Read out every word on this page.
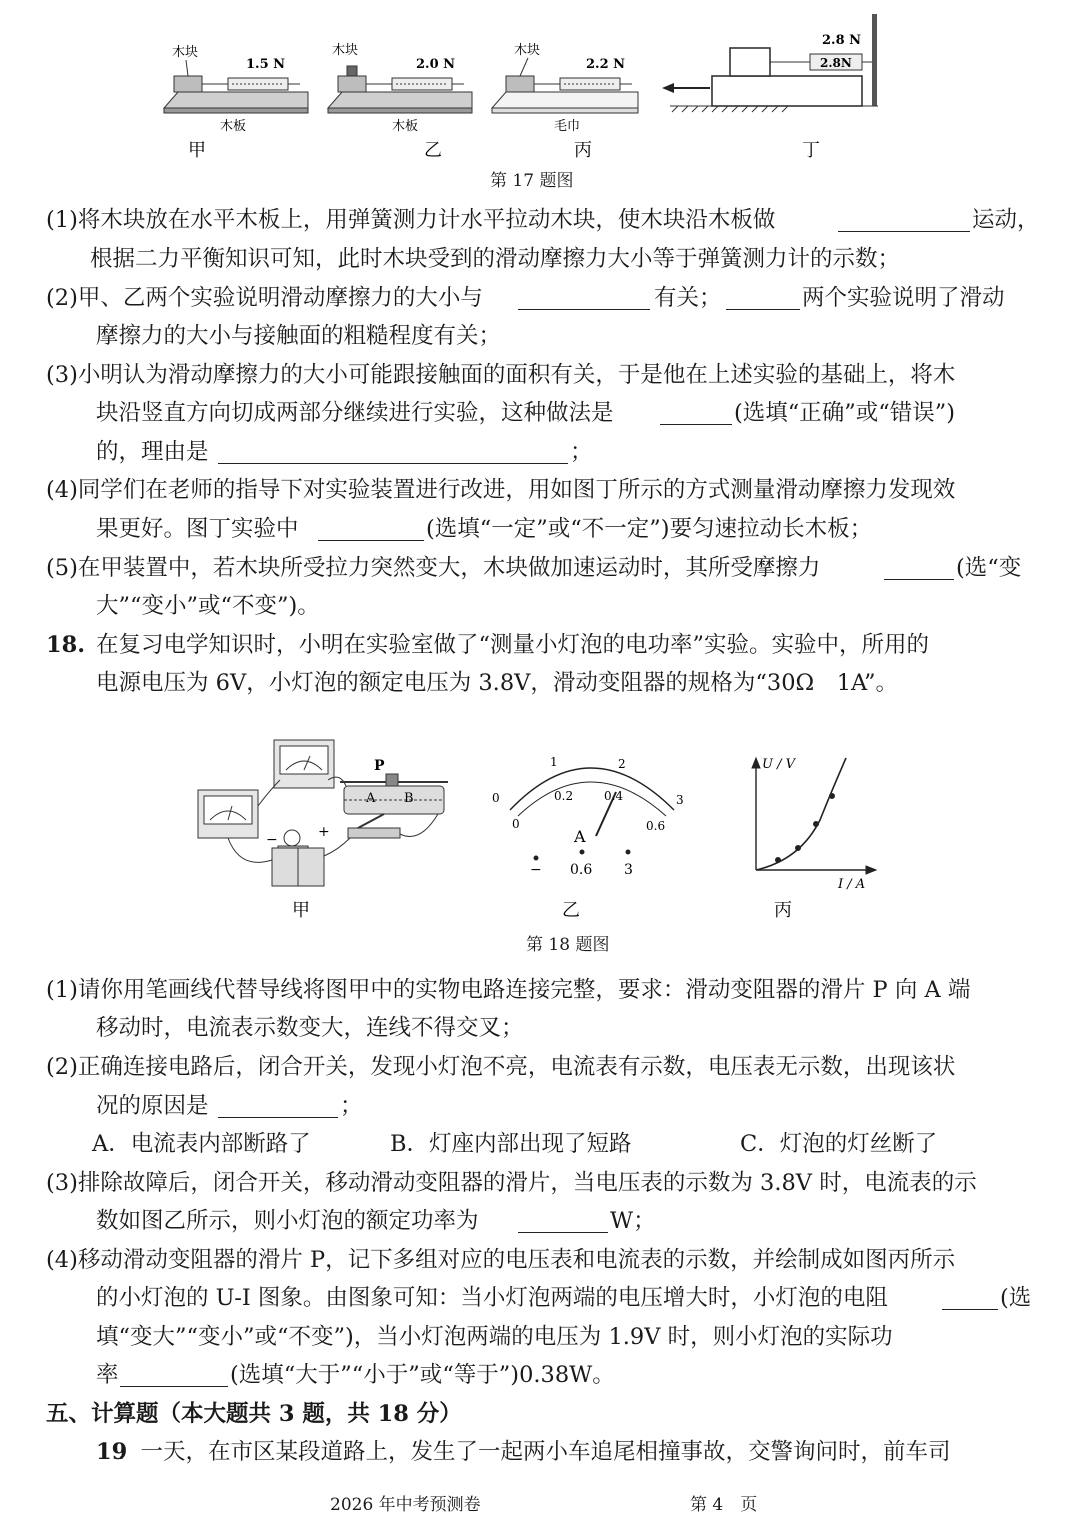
木块
1.5 N
木板
木块
2.0 N
木板
木块
2.2 N
毛巾
2.8 N
2.8N
甲	乙	丙	丁
第 17 题图
(1)将木块放在水平木板上，用弹簧测力计水平拉动木块，使木块沿木板做	运动，
根据二力平衡知识可知，此时木块受到的滑动摩擦力大小等于弹簧测力计的示数；
(2)甲、乙两个实验说明滑动摩擦力的大小与	有关；	两个实验说明了滑动
摩擦力的大小与接触面的粗糙程度有关；
(3)小明认为滑动摩擦力的大小可能跟接触面的面积有关，于是他在上述实验的基础上，将木
块沿竖直方向切成两部分继续进行实验，这种做法是	(选填“正确”或“错误”)
的，理由是	；
(4)同学们在老师的指导下对实验装置进行改进，用如图丁所示的方式测量滑动摩擦力发现效
果更好。图丁实验中	(选填“一定”或“不一定”)要匀速拉动长木板；
(5)在甲装置中，若木块所受拉力突然变大，木块做加速运动时，其所受摩擦力	(选“变
大”“变小”或“不变”)。
18. 在复习电学知识时，小明在实验室做了“测量小灯泡的电功率”实验。实验中，所用的
电源电压为 6V，小灯泡的额定电压为 3.8V，滑动变阻器的规格为“30Ω　1A”。
P
A B
−	+
0
1	2
3
0
0.2	0.4
0.6
A
− 0.6 3
U / V
I / A
甲	乙	丙
第 18 题图
(1)请你用笔画线代替导线将图甲中的实物电路连接完整，要求：滑动变阻器的滑片 P 向 A 端
移动时，电流表示数变大，连线不得交叉；
(2)正确连接电路后，闭合开关，发现小灯泡不亮，电流表有示数，电压表无示数，出现该状
况的原因是	；
A．电流表内部断路了	B．灯座内部出现了短路	C．灯泡的灯丝断了
(3)排除故障后，闭合开关，移动滑动变阻器的滑片，当电压表的示数为 3.8V 时，电流表的示
数如图乙所示，则小灯泡的额定功率为	W；
(4)移动滑动变阻器的滑片 P，记下多组对应的电压表和电流表的示数，并绘制成如图丙所示
的小灯泡的 U-I 图象。由图象可知：当小灯泡两端的电压增大时，小灯泡的电阻	(选
填“变大”“变小”或“不变”)，当小灯泡两端的电压为 1.9V 时，则小灯泡的实际功
率	(选填“大于”“小于”或“等于”)0.38W。
五、计算题（本大题共 3 题，共 18 分）
19
．一天，在市区某段道路上，发生了一起两小车追尾相撞事故，交警询问时，前车司
2026 年中考预测卷	第 4　页
